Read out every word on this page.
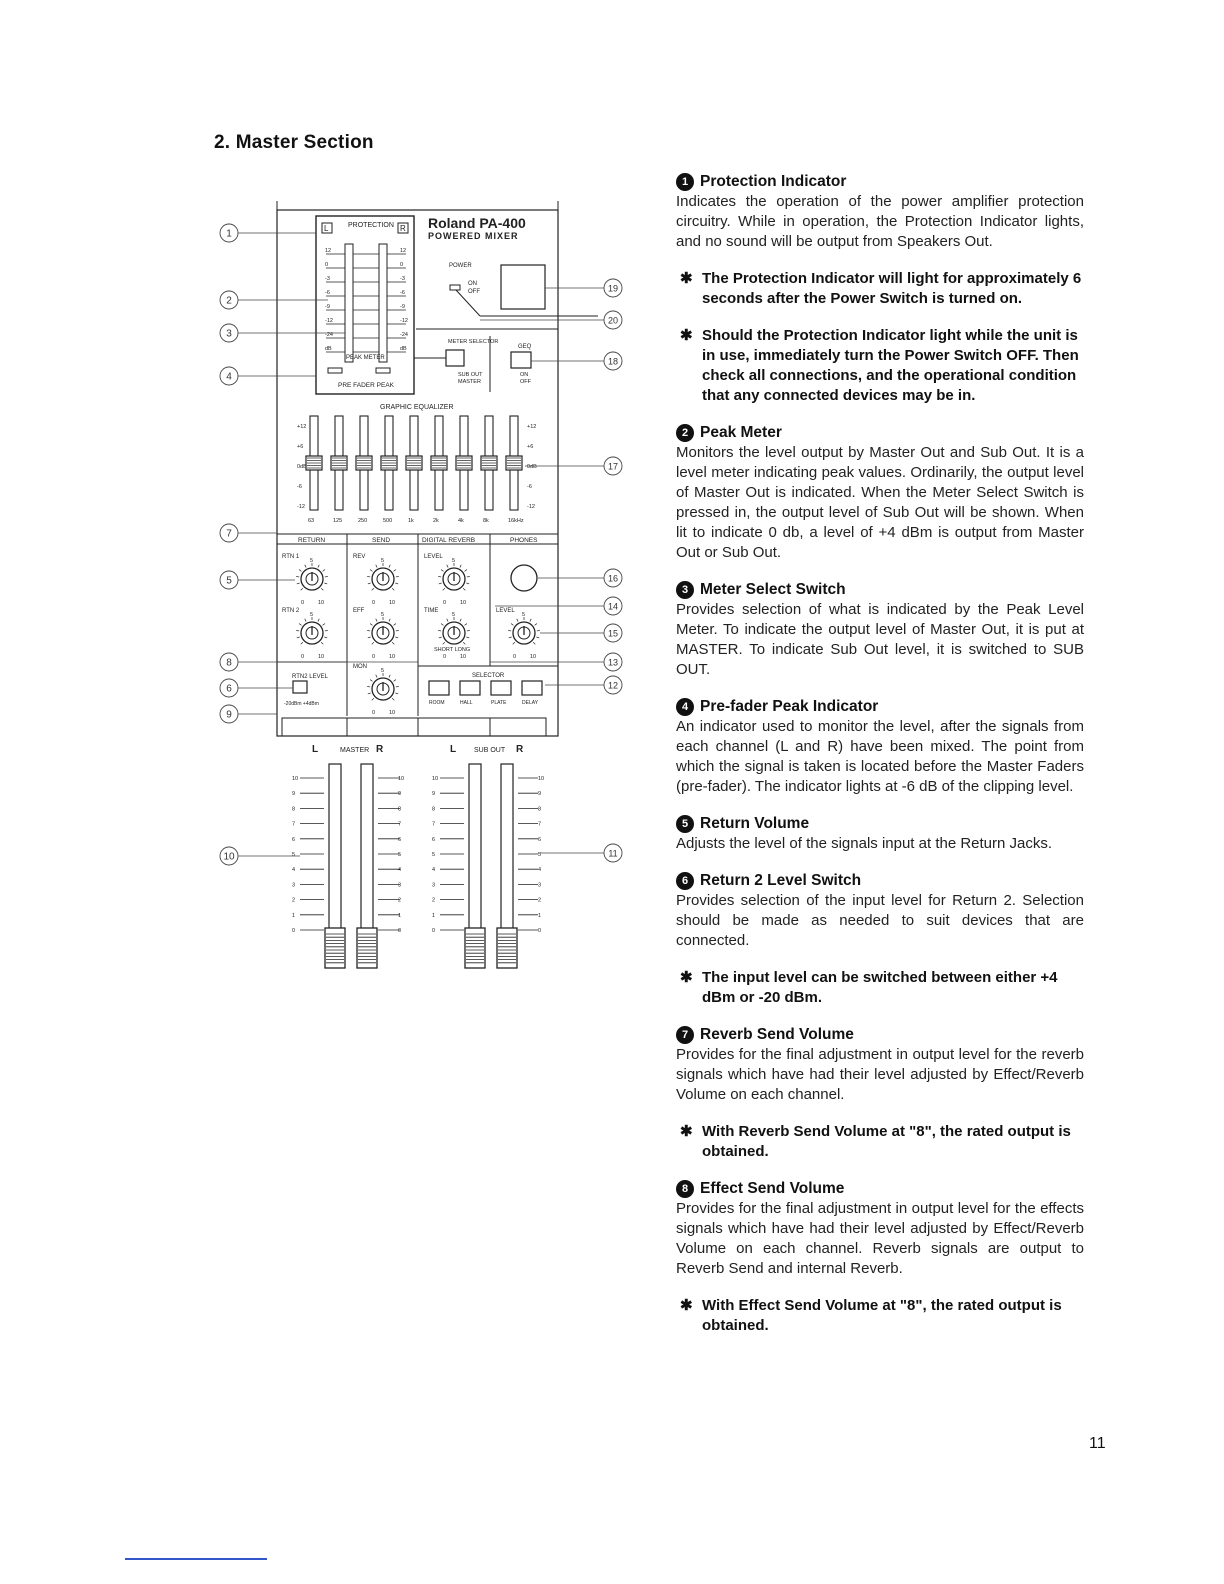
2. Master Section
PROTECTION
L	R
12	12
0	0
-3	-3
-6	-6
-9	-9
-12	-12
-24	-24
dB	dB
PEAK METER
PRE FADER PEAK
Roland PA-400
POWERED MIXER
POWER
ON
OFF
METER SELECTOR
SUB OUT
MASTER
GEQ
ON
OFF
GRAPHIC EQUALIZER
63	125	250	500	1k	2k	4k	8k	16kHz
+12	+12
+6	+6
0dB	0dB
-6	-6
-12	-12
RETURN	SEND	DIGITAL REVERB	PHONES
RTN 1
RTN 2
REV
EFF
MON
LEVEL
TIME
SHORT LONG
LEVEL
0	10
5
0	10
5
0	10
5
0	10
5
0	10
5
0	10
5
0	10
5
0	10
5
RTN2 LEVEL
-20dBm +4dBm
SELECTOR
ROOM	HALL	PLATE	DELAY
L	MASTER R	L	SUB OUT R
10	10	10	10
9	9	9	9
8	8	8	8
7	7	7	7
6	6	6	6
5	5	5	5
4	4	4	4
3	3	3	3
2	2	2	2
1	1	1	1
0	0	0	0
1
2
3
4
7
5
8
6
9
10
19
20
18
17
16
14
15
13
12
11
1 Protection Indicator
Indicates the operation of the power amplifier protection circuitry. While in operation, the Protection Indicator lights, and no sound will be output from Speakers Out.
✱ The Protection Indicator will light for approximately 6 seconds after the Power Switch is turned on.
✱ Should the Protection Indicator light while the unit is in use, immediately turn the Power Switch OFF. Then check all connections, and the operational condition that any connected devices may be in.
2 Peak Meter
Monitors the level output by Master Out and Sub Out. It is a level meter indicating peak values. Ordinarily, the output level of Master Out is indicated. When the Meter Select Switch is pressed in, the output level of Sub Out will be shown. When lit to indicate 0 db, a level of +4 dBm is output from Master Out or Sub Out.
3 Meter Select Switch
Provides selection of what is indicated by the Peak Level Meter. To indicate the output level of Master Out, it is put at MASTER. To indicate Sub Out level, it is switched to SUB OUT.
4 Pre-fader Peak Indicator
An indicator used to monitor the level, after the signals from each channel (L and R) have been mixed. The point from which the signal is taken is located before the Master Faders (pre-fader). The indicator lights at -6 dB of the clipping level.
5 Return Volume
Adjusts the level of the signals input at the Return Jacks.
6 Return 2 Level Switch
Provides selection of the input level for Return 2. Selection should be made as needed to suit devices that are connected.
✱ The input level can be switched between either +4 dBm or -20 dBm.
7 Reverb Send Volume
Provides for the final adjustment in output level for the reverb signals which have had their level adjusted by Effect/Reverb Volume on each channel.
✱ With Reverb Send Volume at "8", the rated output is obtained.
8 Effect Send Volume
Provides for the final adjustment in output level for the effects signals which have had their level adjusted by Effect/Reverb Volume on each channel. Reverb signals are output to Reverb Send and internal Reverb.
✱ With Effect Send Volume at "8", the rated output is obtained.
11
